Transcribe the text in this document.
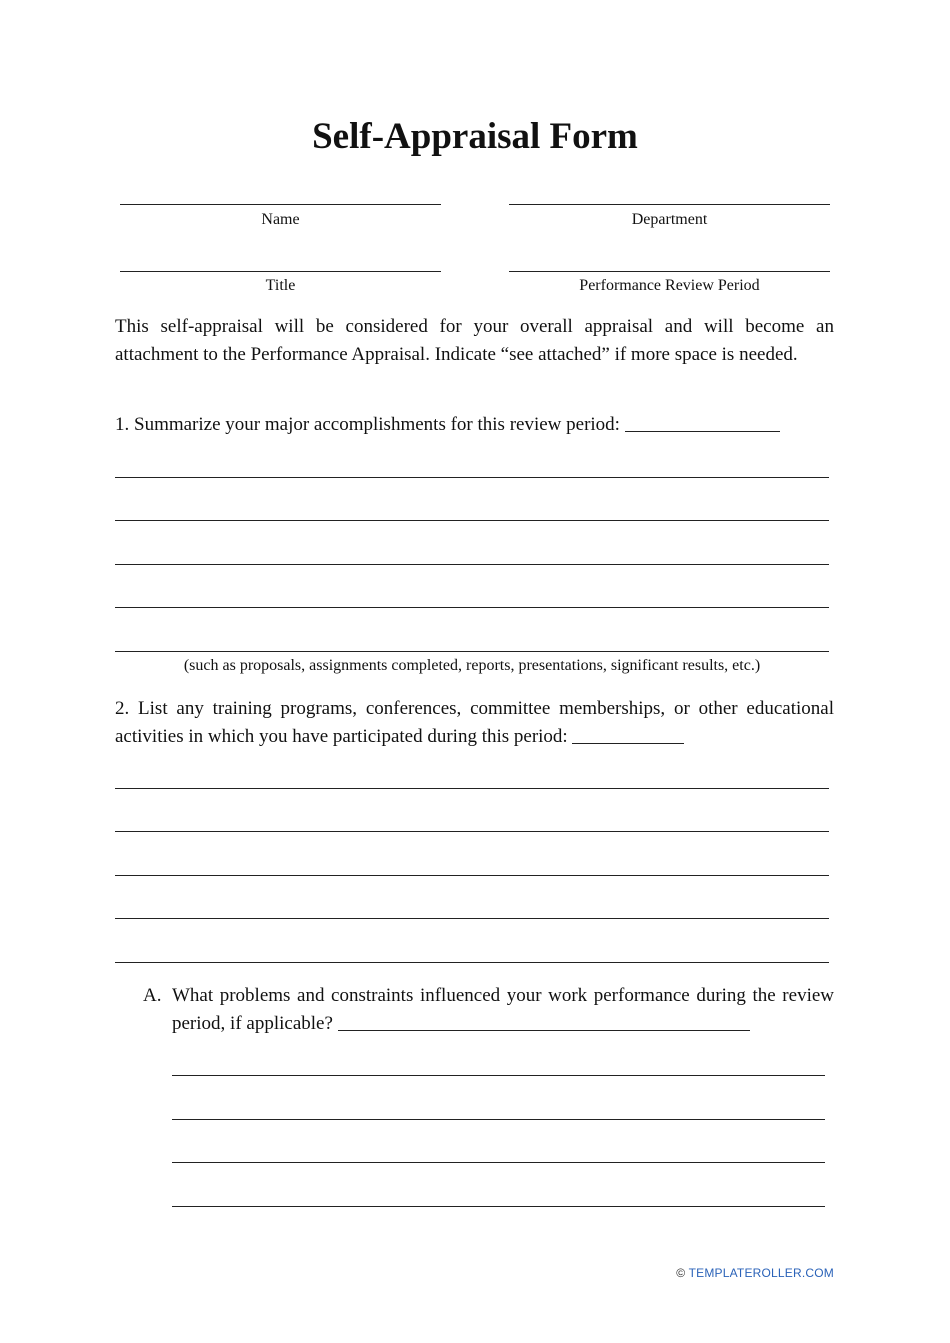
Self-Appraisal Form
Name	Department
Title	Performance Review Period
This self-appraisal will be considered for your overall appraisal and will become an attachment to the Performance Appraisal. Indicate “see attached” if more space is needed.
1. Summarize your major accomplishments for this review period:
(such as proposals, assignments completed, reports, presentations, significant results, etc.)
2. List any training programs, conferences, committee memberships, or other educational activities in which you have participated during this period:
A. What problems and constraints influenced your work performance during the review period, if applicable?
© TEMPLATEROLLER.COM
